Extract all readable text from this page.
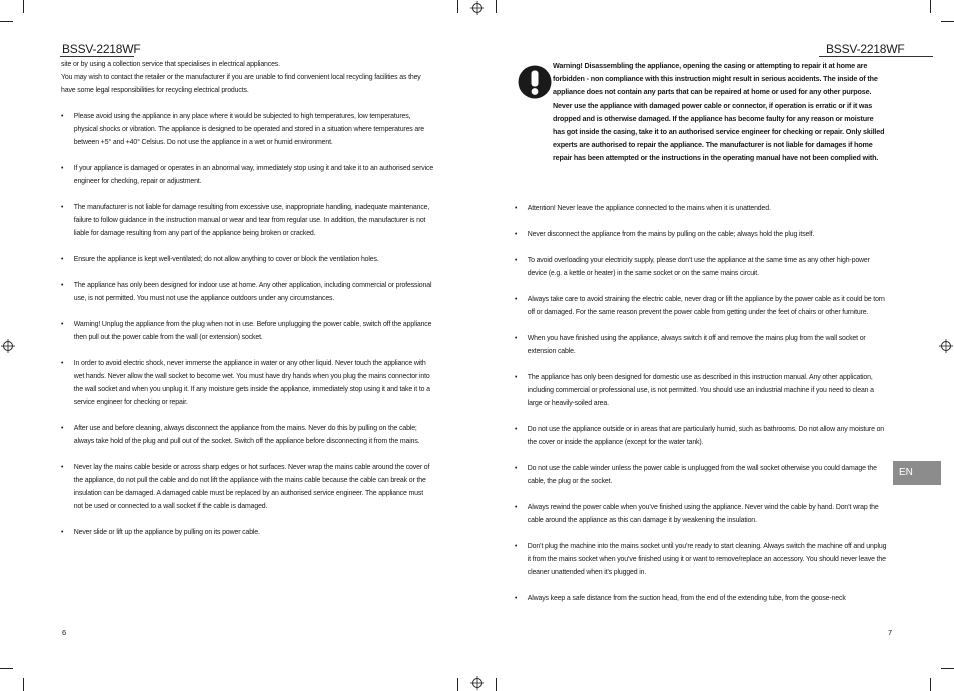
BSSV-2218WF

site or by using a collection service that specialises in electrical appliances.

You may wish to contact the retailer or the manufacturer if you are unable to find convenient local recycling facilities as they have some legal responsibilities for recycling electrical products.

• Please avoid using the appliance in any place where it would be subjected to high temperatures, low temperatures, physical shocks or vibration. The appliance is designed to be operated and stored in a situation where temperatures are between +5° and +40° Celsius. Do not use the appliance in a wet or humid environment.
• If your appliance is damaged or operates in an abnormal way, immediately stop using it and take it to an authorised service engineer for checking, repair or adjustment.
• The manufacturer is not liable for damage resulting from excessive use, inappropriate handling, inadequate maintenance, failure to follow guidance in the instruction manual or wear and tear from regular use. In addition, the manufacturer is not liable for damage resulting from any part of the appliance being broken or cracked.
• Ensure the appliance is kept well-ventilated; do not allow anything to cover or block the ventilation holes.
• The appliance has only been designed for indoor use at home. Any other application, including commercial or professional use, is not permitted. You must not use the appliance outdoors under any circumstances.
• Warning! Unplug the appliance from the plug when not in use. Before unplugging the power cable, switch off the appliance then pull out the power cable from the wall (or extension) socket.
• In order to avoid electric shock, never immerse the appliance in water or any other liquid. Never touch the appliance with wet hands. Never allow the wall socket to become wet. You must have dry hands when you plug the mains connector into the wall socket and when you unplug it. If any moisture gets inside the appliance, immediately stop using it and take it to a service engineer for checking or repair.
• After use and before cleaning, always disconnect the appliance from the mains. Never do this by pulling on the cable; always take hold of the plug and pull out of the socket. Switch off the appliance before disconnecting it from the mains.
• Never lay the mains cable beside or across sharp edges or hot surfaces. Never wrap the mains cable around the cover of the appliance, do not pull the cable and do not lift the appliance with the mains cable because the cable can break or the insulation can be damaged. A damaged cable must be replaced by an authorised service engineer. The appliance must not be used or connected to a wall socket if the cable is damaged.
• Never slide or lift up the appliance by pulling on its power cable.
6
BSSV-2218WF
Warning! Disassembling the appliance, opening the casing or attempting to repair it at home are forbidden - non compliance with this instruction might result in serious accidents. The inside of the appliance does not contain any parts that can be repaired at home or used for any other purpose. Never use the appliance with damaged power cable or connector, if operation is erratic or if it was dropped and is otherwise damaged. If the appliance has become faulty for any reason or moisture has got inside the casing, take it to an authorised service engineer for checking or repair. Only skilled experts are authorised to repair the appliance. The manufacturer is not liable for damages if home repair has been attempted or the instructions in the operating manual have not been complied with.
• Attention! Never leave the appliance connected to the mains when it is unattended.
• Never disconnect the appliance from the mains by pulling on the cable; always hold the plug itself.
• To avoid overloading your electricity supply, please don’t use the appliance at the same time as any other high-power device (e.g. a kettle or heater) in the same socket or on the same mains circuit.
• Always take care to avoid straining the electric cable, never drag or lift the appliance by the power cable as it could be torn off or damaged. For the same reason prevent the power cable from getting under the feet of chairs or other furniture.
• When you have finished using the appliance, always switch it off and remove the mains plug from the wall socket or extension cable.
• The appliance has only been designed for domestic use as described in this instruction manual. Any other application, including commercial or professional use, is not permitted. You should use an industrial machine if you need to clean a large or heavily-soiled area.
• Do not use the appliance outside or in areas that are particularly humid, such as bathrooms. Do not allow any moisture on the cover or inside the appliance (except for the water tank).
• Do not use the cable winder unless the power cable is unplugged from the wall socket otherwise you could damage the cable, the plug or the socket.
• Always rewind the power cable when you’ve finished using the appliance. Never wind the cable by hand. Don’t wrap the cable around the appliance as this can damage it by weakening the insulation.
• Don’t plug the machine into the mains socket until you’re ready to start cleaning. Always switch the machine off and unplug it from the mains socket when you’ve finished using it or want to remove/replace an accessory. You should never leave the cleaner unattended when it’s plugged in.
• Always keep a safe distance from the suction head, from the end of the extending tube, from the goose-neck
EN
7
